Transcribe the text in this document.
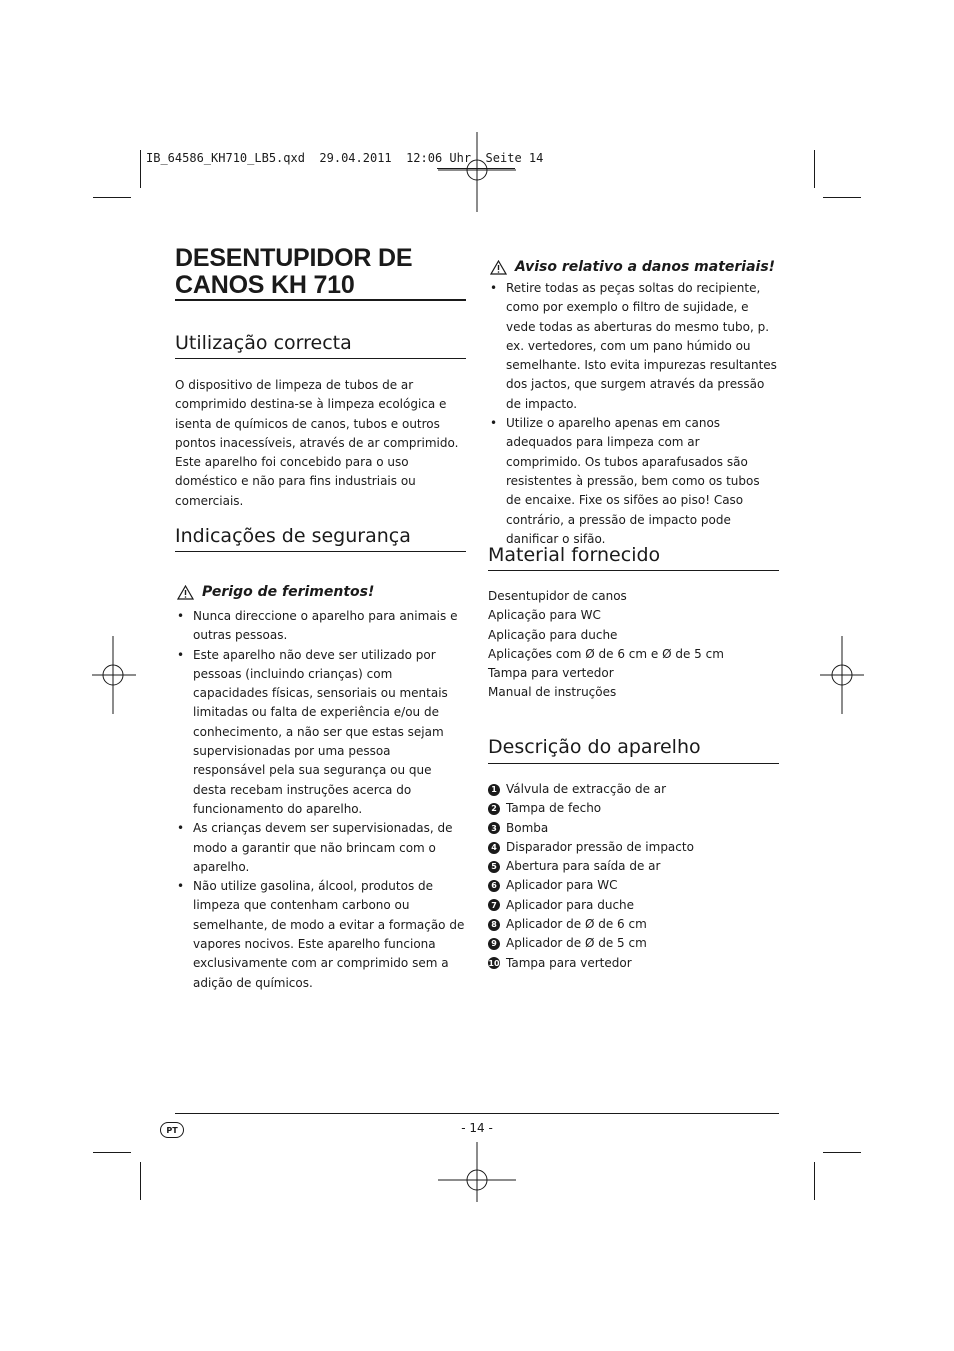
IB_64586_KH710_LB5.qxd  29.04.2011  12:06 Uhr  Seite 14
DESENTUPIDOR DE
CANOS KH 710
Utilização correcta

O dispositivo de limpeza de tubos de ar comprimido destina-se à limpeza ecológica e isenta de químicos de canos, tubos e outros pontos inacessíveis, através de ar comprimido.

Este aparelho foi concebido para o uso doméstico e não para fins industriais ou comerciais.

Indicações de segurança
Perigo de ferimentos!
• Nunca direccione o aparelho para animais e outras pessoas.
• Este aparelho não deve ser utilizado por pessoas (incluindo crianças) com capacidades físicas, sensoriais ou mentais limitadas ou falta de experiência e/ou de conhecimento, a não ser que estas sejam supervisionadas por uma pessoa responsável pela sua segurança ou que desta recebam instruções acerca do funcionamento do aparelho.
• As crianças devem ser supervisionadas, de modo a garantir que não brincam com o aparelho.
• Não utilize gasolina, álcool, produtos de limpeza que contenham carbono ou semelhante, de modo a evitar a formação de vapores nocivos. Este aparelho funciona exclusivamente com ar comprimido sem a adição de químicos.
Aviso relativo a danos materiais!
• Retire todas as peças soltas do recipiente, como por exemplo o filtro de sujidade, e vede todas as aberturas do mesmo tubo, p. ex. vertedores, com um pano húmido ou semelhante. Isto evita impurezas resultantes dos jactos, que surgem através da pressão de impacto.
• Utilize o aparelho apenas em canos adequados para limpeza com ar comprimido. Os tubos aparafusados são resistentes à pressão, bem como os tubos de encaixe. Fixe os sifões ao piso! Caso contrário, a pressão de impacto pode danificar o sifão.
Material fornecido
Desentupidor de canos
Aplicação para WC
Aplicação para duche
Aplicações com Ø de 6 cm e Ø de 5 cm
Tampa para vertedor
Manual de instruções
Descrição do aparelho
1 Válvula de extracção de ar
2 Tampa de fecho
3 Bomba
4 Disparador pressão de impacto
5 Abertura para saída de ar
6 Aplicador para WC
7 Aplicador para duche
8 Aplicador de Ø de 6 cm
9 Aplicador de Ø de 5 cm
10 Tampa para vertedor
PT	- 14 -
